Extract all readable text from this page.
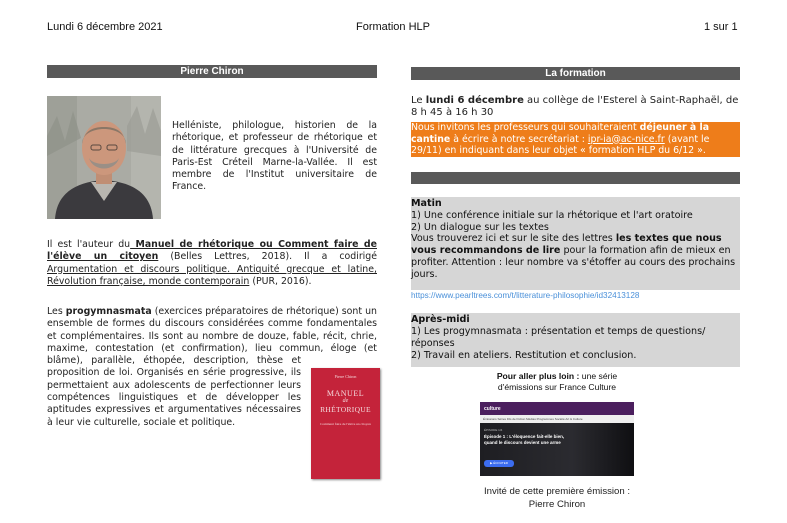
Lundi 6 décembre 2021	Formation HLP	1 sur 1
Pierre Chiron
Helléniste, philologue, historien de la rhétorique, et professeur de rhétorique et de littérature grecques à l'Université de Paris-Est Créteil Marne-la-Vallée. Il est membre de l'Institut universitaire de France.
Il est l'auteur du Manuel de rhétorique ou Comment faire de l'élève un citoyen (Belles Lettres, 2018). Il a codirigé Argumentation et discours politique. Antiquité grecque et latine, Révolution française, monde contemporain (PUR, 2016).
Les progymnasmata (exercices préparatoires de rhétorique) sont un ensemble de formes du discours considérées comme fondamentales et complémentaires. Ils sont au nombre de douze, fable, récit, chrie, maxime, contestation (et confirmation), lieu commun, éloge (et blâme), parallèle, éthopée, description, thèse et proposition de loi. Organisés en série progressive, ils permettaient aux adolescents de perfectionner leurs compétences linguistiques et de développer les aptitudes expressives et argumentatives nécessaires à leur vie culturelle, sociale et politique.
Pierre Chiron
MANUEL
de
RHÉTORIQUE
Comment faire de l'élève un citoyen
La formation
Le lundi 6 décembre au collège de l'Esterel à Saint-Raphaël, de 8 h 45 à 16 h 30
Nous invitons les professeurs qui souhaiteraient déjeuner à la cantine à écrire à notre secrétariat : ipr-ia@ac-nice.fr (avant le 29/11) en indiquant dans leur objet « formation HLP du 6/12 ».
Matin
1) Une conférence initiale sur la rhétorique et l'art oratoire
2) Un dialogue sur les textes
Vous trouverez ici et sur le site des lettres les textes que nous vous recommandons de lire pour la formation afin de mieux en profiter. Attention : leur nombre va s'étoffer au cours des prochains jours.
https://www.pearltrees.com/t/litterature-philosophie/id32413128
Après-midi
1) Les progymnasmata : présentation et temps de questions/ réponses
2) Travail en ateliers. Restitution et conclusion.
Pour aller plus loin : une série d'émissions sur France Culture
culture
Émissions Séries Fils de Fiction Médias Programmes Société Art & Culture
ÉPISODE 1/4
Épisode 1 : L'éloquence fait-elle bien, quand le discours devient une arme
▶ ÉCOUTER
Invité de cette première émission : Pierre Chiron
